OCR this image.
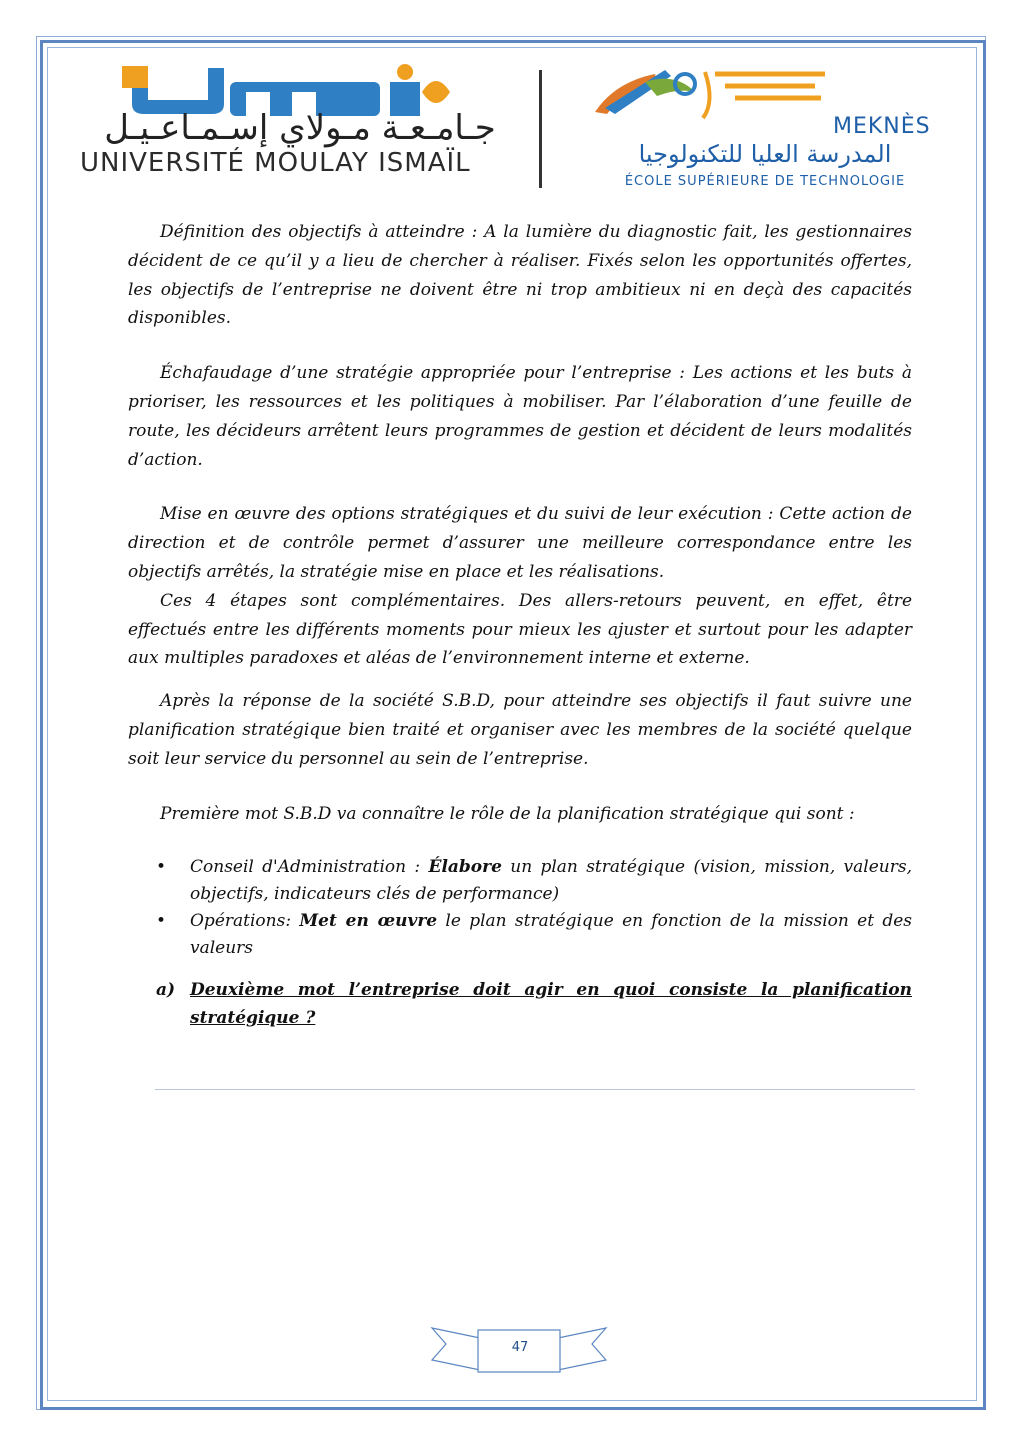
جـامـعـة مـولاي إسـمـاعـيـل
UNIVERSITÉ MOULAY ISMAÏL
MEKNÈS
المدرسة العليا للتكنولوجيا
ÉCOLE SUPÉRIEURE DE TECHNOLOGIE

Définition des objectifs à atteindre : A la lumière du diagnostic fait, les gestionnaires décident de ce qu’il y a lieu de chercher à réaliser. Fixés selon les opportunités offertes, les objectifs de l’entreprise ne doivent être ni trop ambitieux ni en deçà des capacités disponibles.

Échafaudage d’une stratégie appropriée pour l’entreprise : Les actions et les buts à prioriser, les ressources et les politiques à mobiliser. Par l’élaboration d’une feuille de route, les décideurs arrêtent leurs programmes de gestion et décident de leurs modalités d’action.

Mise en œuvre des options stratégiques et du suivi de leur exécution : Cette action de direction et de contrôle permet d’assurer une meilleure correspondance entre les objectifs arrêtés, la stratégie mise en place et les réalisations.

Ces 4 étapes sont complémentaires. Des allers-retours peuvent, en effet, être effectués entre les différents moments pour mieux les ajuster et surtout pour les adapter aux multiples paradoxes et aléas de l’environnement interne et externe.

Après la réponse de la société S.B.D, pour atteindre ses objectifs il faut suivre une planification stratégique bien traité et organiser avec les membres de la société quelque soit leur service du personnel au sein de l’entreprise.

Première mot S.B.D va connaître le rôle de la planification stratégique qui sont :

• Conseil d'Administration : Élabore un plan stratégique (vision, mission, valeurs, objectifs, indicateurs clés de performance)
• Opérations: Met en œuvre le plan stratégique en fonction de la mission et des valeurs
a) Deuxième mot l’entreprise doit agir en quoi consiste la planification stratégique ?
47
